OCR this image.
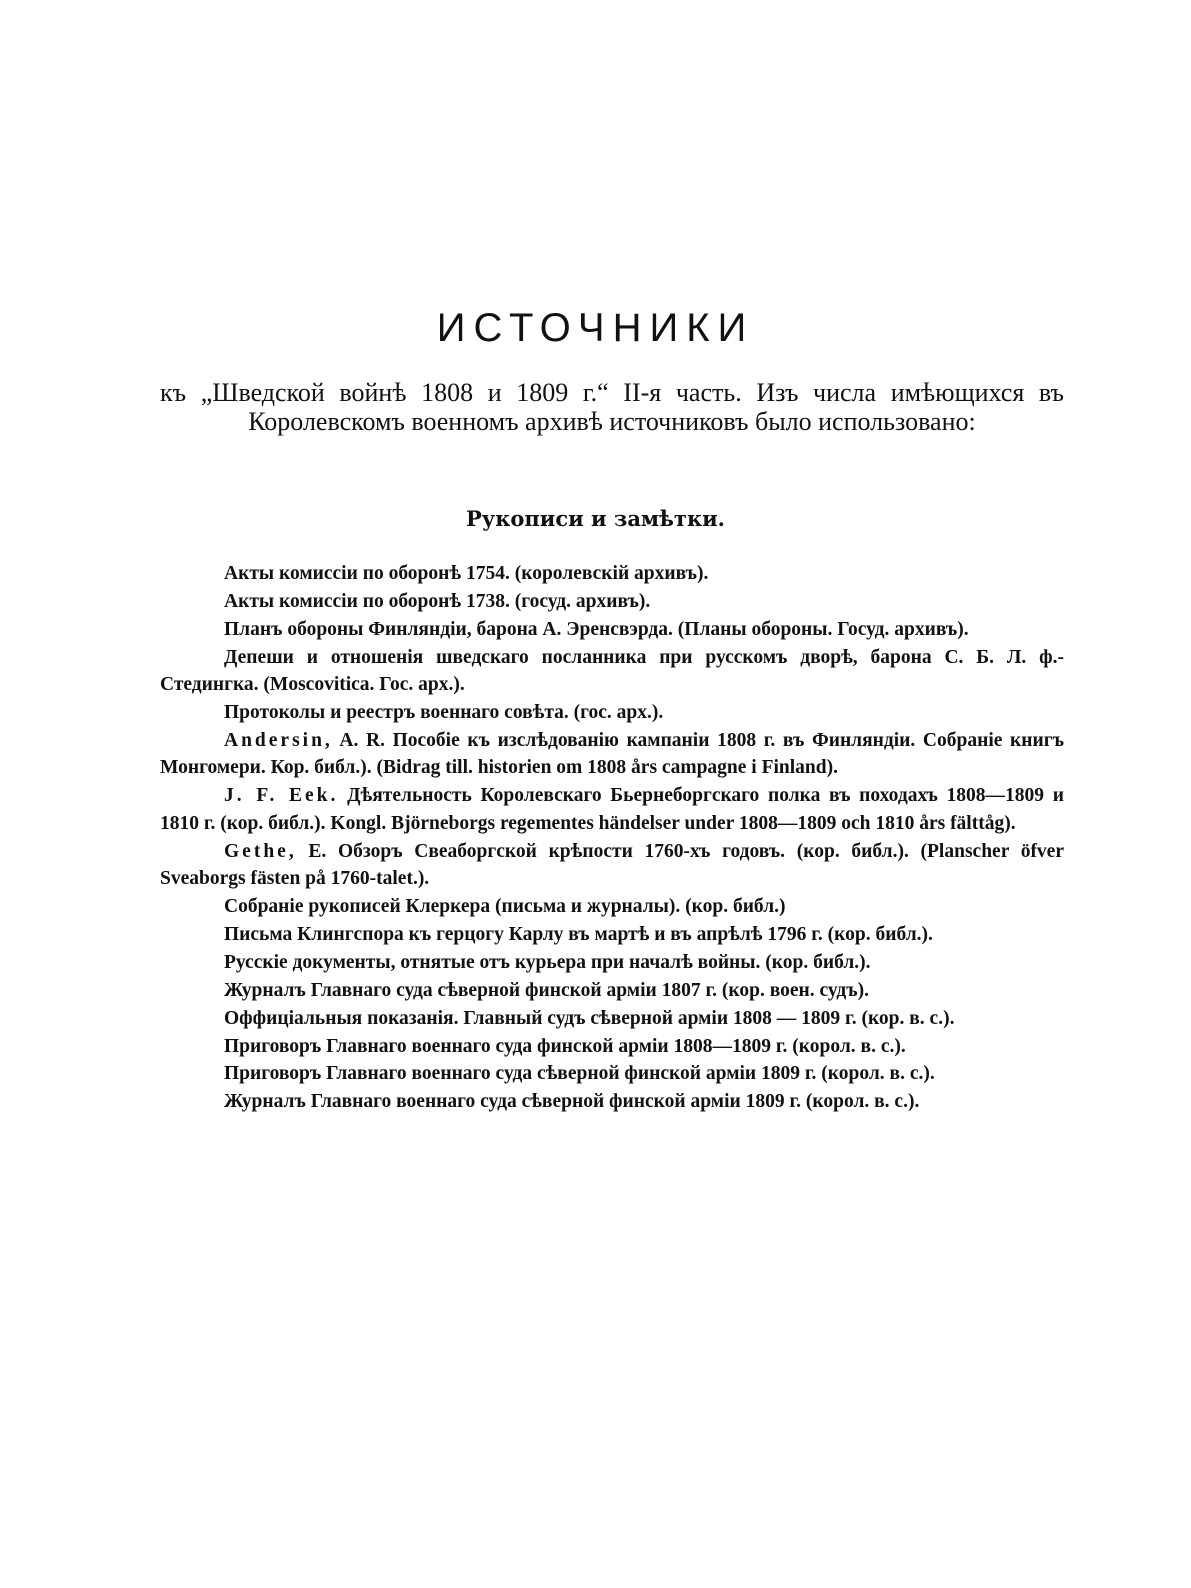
ИСТОЧНИКИ

къ „Шведской войнѣ 1808 и 1809 г.“ II-я часть. Изъ числа имѣющихся въ Королевскомъ военномъ архивѣ источниковъ было использовано:

Рукописи и замѣтки.
Акты комиссіи по оборонѣ 1754. (королевскій архивъ).
Акты комиссіи по оборонѣ 1738. (госуд. архивъ).
Планъ обороны Финляндіи, барона А. Эренсвэрда. (Планы обороны. Госуд. архивъ).
Депеши и отношенія шведскаго посланника при русскомъ дворѣ, барона С. Б. Л. ф.-Стедингка. (Moscovitica. Гос. арх.).
Протоколы и реестръ военнаго совѣта. (гос. арх.).
Andersin, A. R. Пособіе къ изслѣдованію кампаніи 1808 г. въ Финляндіи. Собраніе книгъ Монгомери. Кор. библ.). (Bidrag till. historien om 1808 års campagne i Finland).
J. F. Eek. Дѣятельность Королевскаго Бьернеборгскаго полка въ походахъ 1808—1809 и 1810 г. (кор. библ.). Kongl. Björneborgs regementes händelser under 1808—1809 och 1810 års fälttåg).
Gethe, E. Обзоръ Свеаборгской крѣпости 1760-хъ годовъ. (кор. библ.). (Planscher öfver Sveaborgs fästen på 1760-talet.).
Собраніе рукописей Клеркера (письма и журналы). (кор. библ.)
Письма Клингспора къ герцогу Карлу въ мартѣ и въ апрѣлѣ 1796 г. (кор. библ.).
Русскіе документы, отнятые отъ курьера при началѣ войны. (кор. библ.).
Журналъ Главнаго суда сѣверной финской арміи 1807 г. (кор. воен. судъ).
Оффиціальныя показанія. Главный судъ сѣверной арміи 1808 — 1809 г. (кор. в. с.).
Приговоръ Главнаго военнаго суда финской арміи 1808—1809 г. (корол. в. с.).
Приговоръ Главнаго военнаго суда сѣверной финской арміи 1809 г. (корол. в. с.).
Журналъ Главнаго военнаго суда сѣверной финской арміи 1809 г. (корол. в. с.).
